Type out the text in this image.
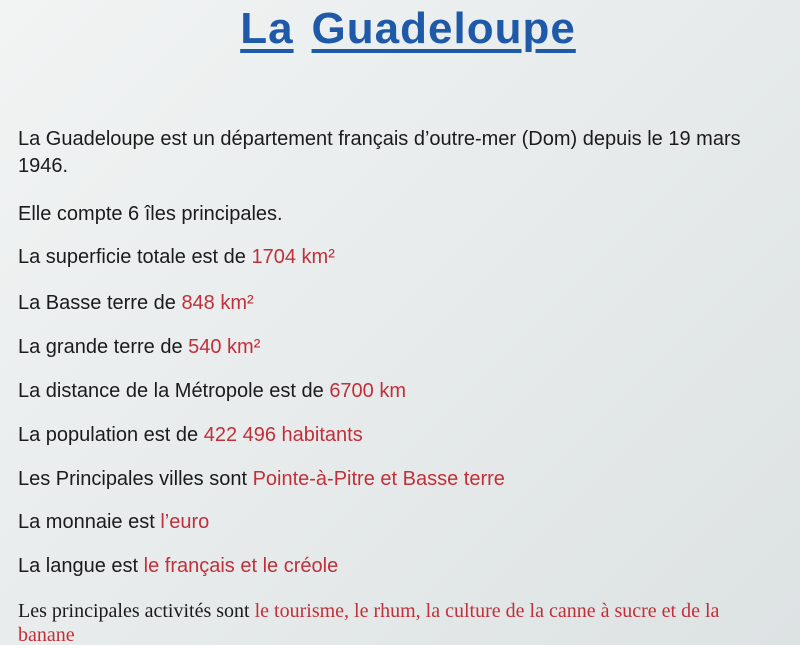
La Guadeloupe
La Guadeloupe est un département français d’outre-mer (Dom) depuis le 19 mars
1946.
Elle compte 6 îles principales.
La superficie totale est de 1704 km²
La Basse terre de 848 km²
La grande terre de 540 km²
La distance de la Métropole est de 6700 km
La population est de 422 496 habitants
Les Principales villes sont Pointe-à-Pitre et Basse terre
La monnaie est l’euro
La langue est le français et le créole
Les principales activités sont le tourisme, le rhum, la culture de la canne à sucre et de la
banane
